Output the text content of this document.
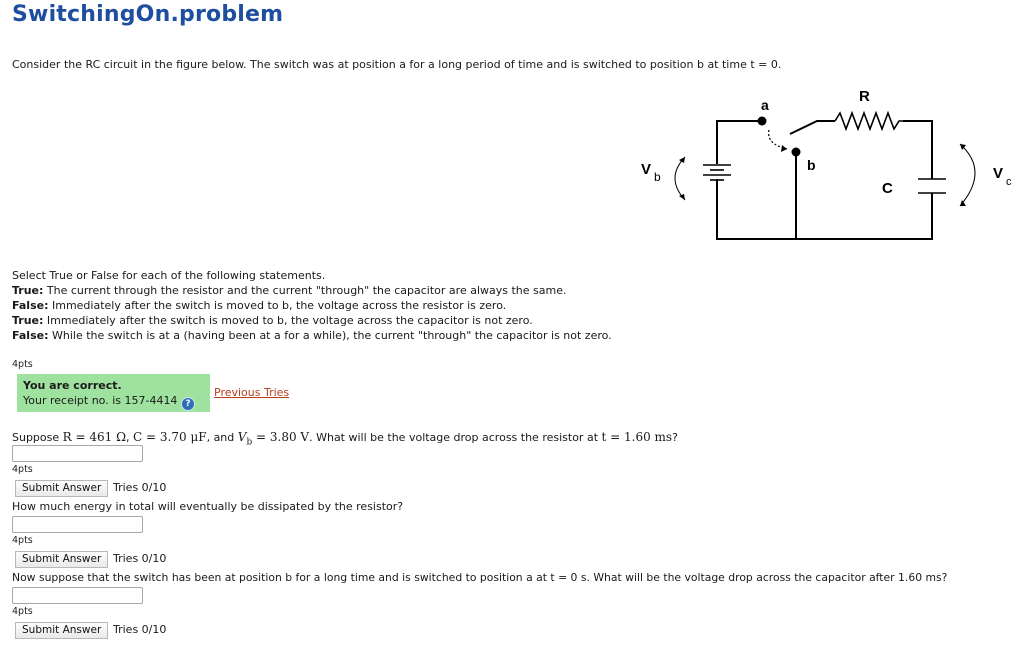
SwitchingOn.problem
Consider the RC circuit in the figure below. The switch was at position a for a long period of time and is switched to position b at time t = 0.
a
b
R
C
V b	V c
Select True or False for each of the following statements.
True: The current through the resistor and the current "through" the capacitor are always the same.
False: Immediately after the switch is moved to b, the voltage across the resistor is zero.
True: Immediately after the switch is moved to b, the voltage across the capacitor is not zero.
False: While the switch is at a (having been at a for a while), the current "through" the capacitor is not zero.
4pts
You are correct.
Your receipt no. is 157-4414 ?
Previous Tries
Suppose R = 461 Ω, C = 3.70 μF, and $V_b = 3.80$ V. What will be the voltage drop across the resistor at t = 1.60 ms?
4pts
Submit Answer	Tries 0/10
How much energy in total will eventually be dissipated by the resistor?
4pts
Submit Answer	Tries 0/10
Now suppose that the switch has been at position b for a long time and is switched to position a at t = 0 s. What will be the voltage drop across the capacitor after 1.60 ms?
4pts
Submit Answer	Tries 0/10
